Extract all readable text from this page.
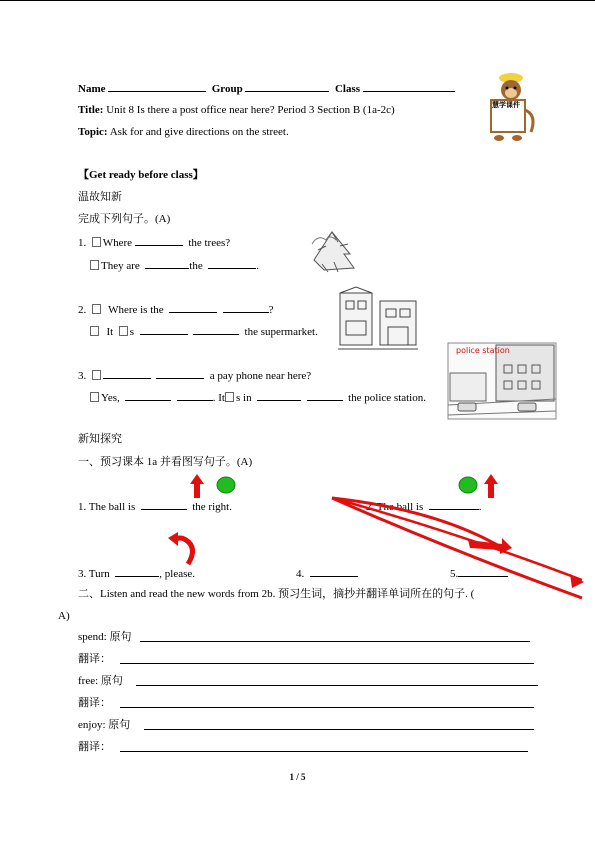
Name	Group	Class
Title: Unit 8 Is there a post office near here? Period 3 Section B (1a-2c)
Topic: Ask for and give directions on the street.
慧学课件
【Get ready before class】
温故知新
完成下列句子。(A)
1. Where	the trees?
They are	the	.
2. Where is the	?
It s	the supermarket.
3.	a pay phone near here?
Yes,	. It s in	the police station.
police station
新知探究
一、预习课本 1a 并看图写句子。(A)
1. The ball is	the right.	2. The ball is	.
3. Turn	, please.	4.	5.
二、Listen and read the new words from 2b. 预习生词，摘抄并翻译单词所在的句子. (
A)
spend: 原句
翻译：
free: 原句
翻译：
enjoy: 原句
翻译：
1 / 5
